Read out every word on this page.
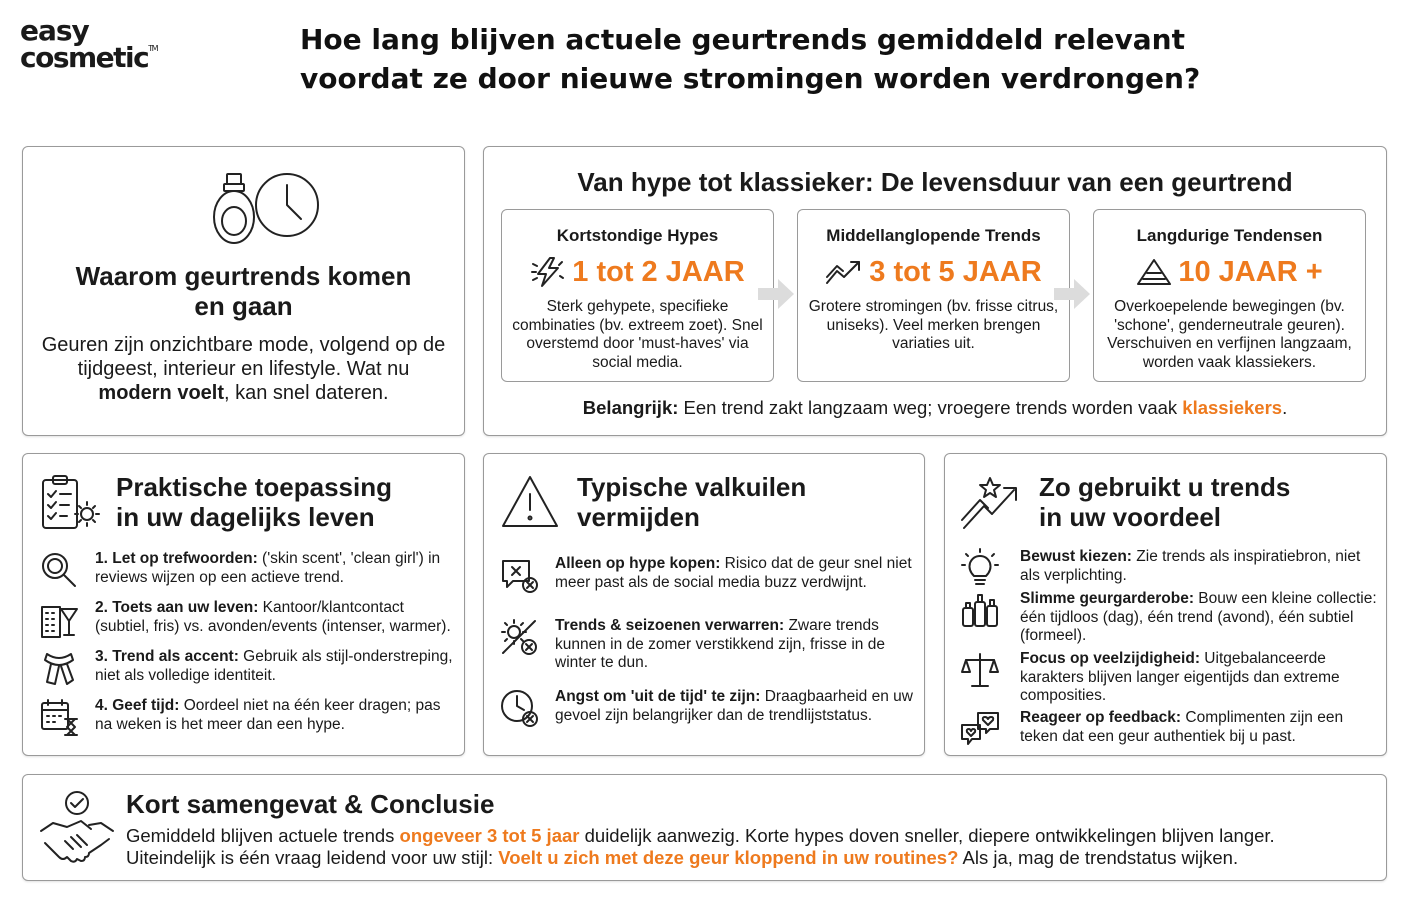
easy
cosmetic™	Hoe lang blijven actuele geurtrends gemiddeld relevant
voordat ze door nieuwe stromingen worden verdrongen?
Waarom geurtrends komen
en gaan
Geuren zijn onzichtbare mode, volgend op de tijdgeest, interieur en lifestyle. Wat nu modern voelt, kan snel dateren.
Van hype tot klassieker: De levensduur van een geurtrend
Kortstondige Hypes
1 tot 2 JAAR
Sterk gehypete, specifieke combinaties (bv. extreem zoet). Snel overstemd door 'must-haves' via social media.
Middellanglopende Trends
3 tot 5 JAAR
Grotere stromingen (bv. frisse citrus, uniseks). Veel merken brengen variaties uit.
Langdurige Tendensen
10 JAAR +
Overkoepelende bewegingen (bv. 'schone', genderneutrale geuren). Verschuiven en verfijnen langzaam, worden vaak klassiekers.
Belangrijk: Een trend zakt langzaam weg; vroegere trends worden vaak klassiekers.
Praktische toepassing
in uw dagelijks leven
1. Let op trefwoorden: ('skin scent', 'clean girl') in reviews wijzen op een actieve trend.
2. Toets aan uw leven: Kantoor/klantcontact (subtiel, fris) vs. avonden/events (intenser, warmer).
3. Trend als accent: Gebruik als stijl-onderstreping, niet als volledige identiteit.
4. Geef tijd: Oordeel niet na één keer dragen; pas na weken is het meer dan een hype.
Typische valkuilen
vermijden
Alleen op hype kopen: Risico dat de geur snel niet meer past als de social media buzz verdwijnt.
Trends & seizoenen verwarren: Zware trends kunnen in de zomer verstikkend zijn, frisse in de winter te dun.
Angst om 'uit de tijd' te zijn: Draagbaarheid en uw gevoel zijn belangrijker dan de trendlijststatus.
Zo gebruikt u trends
in uw voordeel
Bewust kiezen: Zie trends als inspiratiebron, niet als verplichting.
Slimme geurgarderobe: Bouw een kleine collectie: één tijdloos (dag), één trend (avond), één subtiel (formeel).
Focus op veelzijdigheid: Uitgebalanceerde karakters blijven langer eigentijds dan extreme composities.
Reageer op feedback: Complimenten zijn een teken dat een geur authentiek bij u past.
Kort samengevat & Conclusie
Gemiddeld blijven actuele trends ongeveer 3 tot 5 jaar duidelijk aanwezig. Korte hypes doven sneller, diepere ontwikkelingen blijven langer.
Uiteindelijk is één vraag leidend voor uw stijl: Voelt u zich met deze geur kloppend in uw routines? Als ja, mag de trendstatus wijken.
